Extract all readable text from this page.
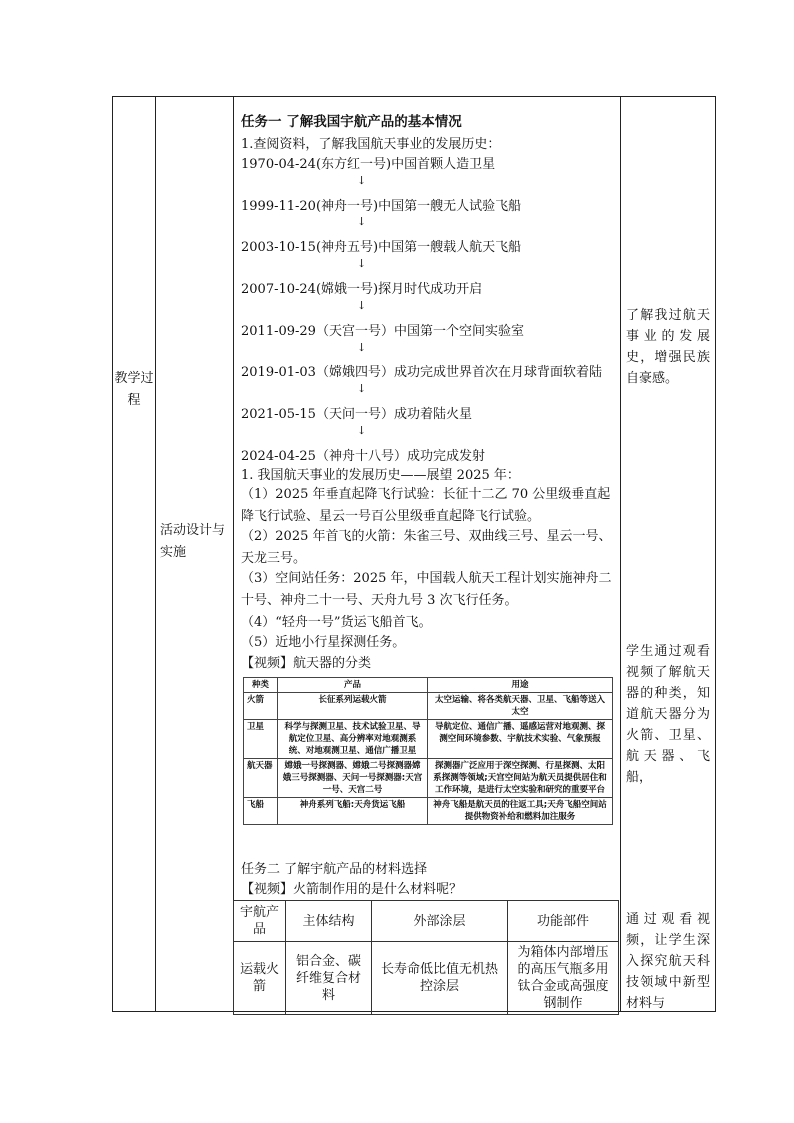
教学过程
活动设计与实施
任务一 了解我国宇航产品的基本情况
1.查阅资料，了解我国航天事业的发展历史：
1970-04-24(东方红一号)中国首颗人造卫星
↓
1999-11-20(神舟一号)中国第一艘无人试验飞船
↓
2003-10-15(神舟五号)中国第一艘载人航天飞船
↓
2007-10-24(嫦娥一号)探月时代成功开启
↓
2011-09-29（天宫一号）中国第一个空间实验室
↓
2019-01-03（嫦娥四号）成功完成世界首次在月球背面软着陆
↓
2021-05-15（天问一号）成功着陆火星
↓
2024-04-25（神舟十八号）成功完成发射
1. 我国航天事业的发展历史——展望 2025 年：
（1）2025 年垂直起降飞行试验：长征十二乙 70 公里级垂直起降飞行试验、星云一号百公里级垂直起降飞行试验。
（2）2025 年首飞的火箭：朱雀三号、双曲线三号、星云一号、天龙三号。
（3）空间站任务：2025 年，中国载人航天工程计划实施神舟二十号、神舟二十一号、天舟九号 3 次飞行任务。
（4）“轻舟一号”货运飞船首飞。
（5）近地小行星探测任务。
【视频】航天器的分类
任务二 了解宇航产品的材料选择
【视频】火箭制作用的是什么材料呢？
种类	产品	用途
火箭	长征系列运载火箭	太空运输、将各类航天器、卫星、飞船等送入太空
卫星	科学与探测卫星、技术试验卫星、导航定位卫星、高分辨率对地观测系统、对地观测卫星、通信广播卫星	导航定位、通信广播、遥感运营对地观测、探测空间环境参数、宇航技术实验、气象预报
航天器	嫦娥一号探测器、嫦娥二号探测器嫦娥三号探测器、天问一号探测器:天宫一号、天宫二号	探测器广泛应用于深空探测、行星探测、太阳系探测等领域;天宫空间站为航天员提供居住和工作环境，是进行太空实验和研究的重要平台
飞船	神舟系列飞船:天舟货运飞船	神舟飞船是航天员的往返工具;天舟飞船空间站提供物资补给和燃料加注服务
宇航产品	主体结构	外部涂层	功能部件
运载火箭	铝合金、碳纤维复合材料	长寿命低比值无机热控涂层	为箱体内部增压的高压气瓶多用钛合金或高强度钢制作
了解我过航天事业的发展史，增强民族自豪感。
学生通过观看视频了解航天器的种类，知道航天器分为火箭、卫星、航天器、飞船，
通过观看视频，让学生深入探究航天科技领域中新型材料与
